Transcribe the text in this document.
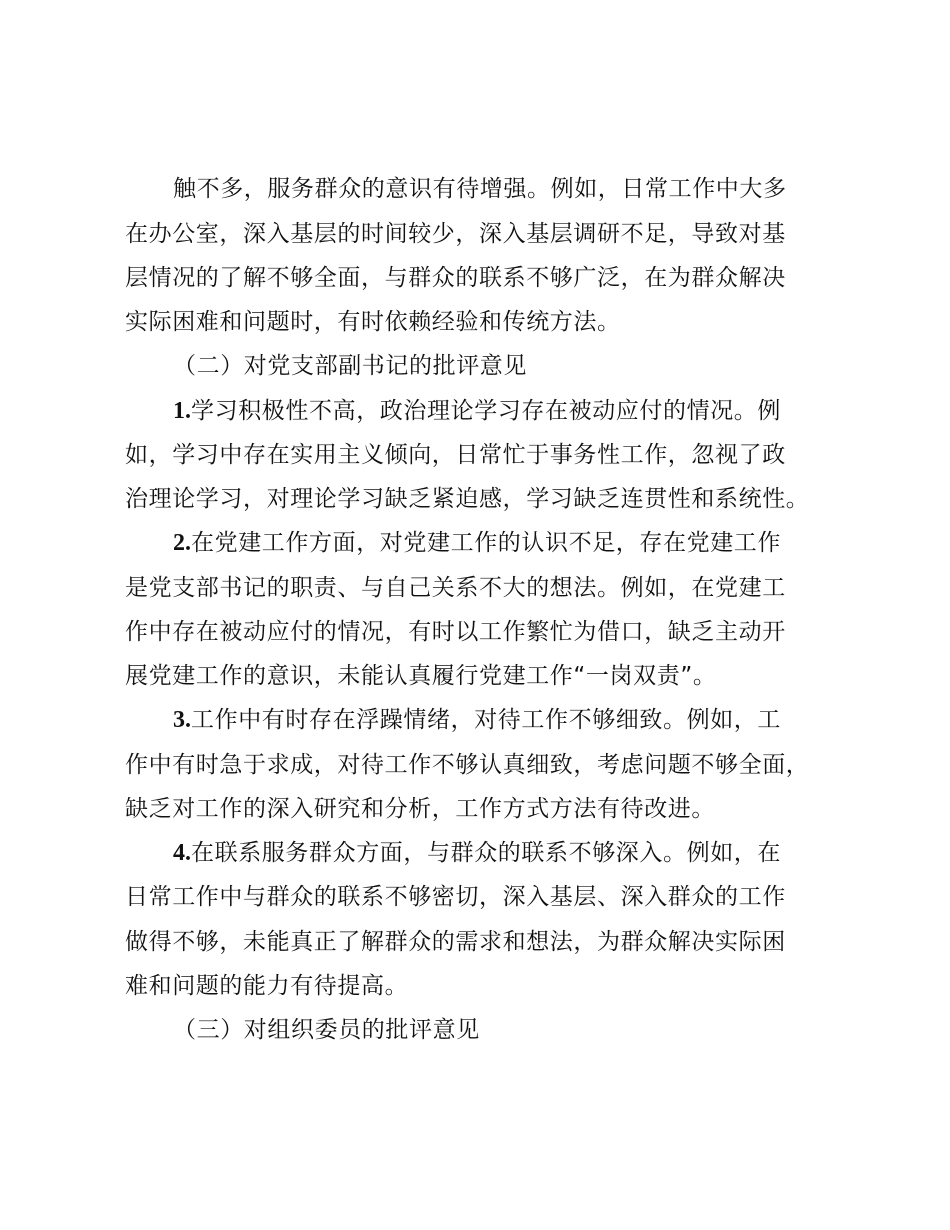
触不多，服务群众的意识有待增强。例如，日常工作中大多
在办公室，深入基层的时间较少，深入基层调研不足，导致对基
层情况的了解不够全面，与群众的联系不够广泛，在为群众解决
实际困难和问题时，有时依赖经验和传统方法。
（二）对党支部副书记的批评意见
1.学习积极性不高，政治理论学习存在被动应付的情况。例
如，学习中存在实用主义倾向，日常忙于事务性工作，忽视了政
治理论学习，对理论学习缺乏紧迫感，学习缺乏连贯性和系统性。
2.在党建工作方面，对党建工作的认识不足，存在党建工作
是党支部书记的职责、与自己关系不大的想法。例如，在党建工
作中存在被动应付的情况，有时以工作繁忙为借口，缺乏主动开
展党建工作的意识，未能认真履行党建工作“一岗双责”。
3.工作中有时存在浮躁情绪，对待工作不够细致。例如，工
作中有时急于求成，对待工作不够认真细致，考虑问题不够全面，
缺乏对工作的深入研究和分析，工作方式方法有待改进。
4.在联系服务群众方面，与群众的联系不够深入。例如，在
日常工作中与群众的联系不够密切，深入基层、深入群众的工作
做得不够，未能真正了解群众的需求和想法，为群众解决实际困
难和问题的能力有待提高。
（三）对组织委员的批评意见
